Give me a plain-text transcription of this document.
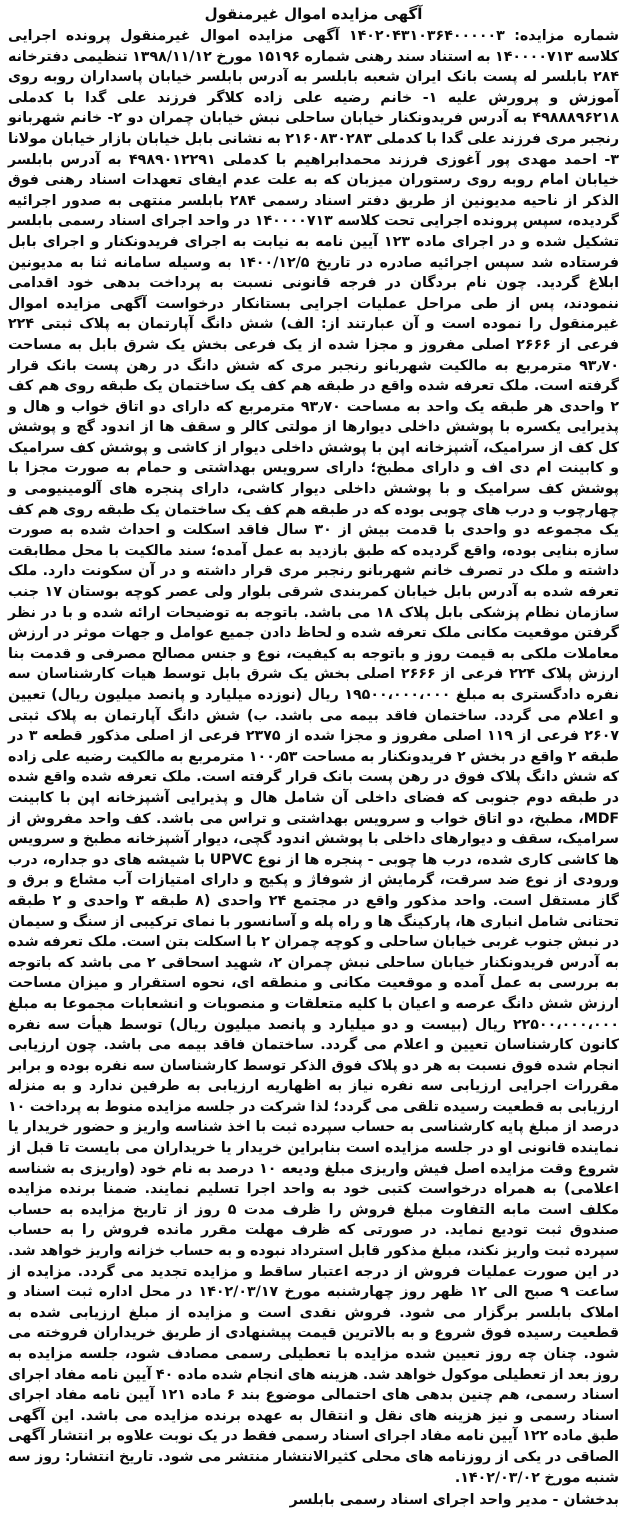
آگهی مزایده اموال غیرمنقول

شماره مزایده: ۱۴۰۲۰۴۳۱۰۳۶۴۰۰۰۰۰۳ آگهی مزایده اموال غیرمنقول پرونده اجرایی کلاسه ۱۴۰۰۰۰۷۱۳ به استناد سند رهنی شماره ۱۵۱۹۶ مورخ ۱۳۹۸/۱۱/۱۲ تنظیمی دفترخانه ۲۸۴ بابلسر له پست بانک ایران شعبه بابلسر به آدرس بابلسر خیابان پاسداران روبه روی آموزش و پرورش علیه ۱- خانم رضیه علی زاده کلاگر فرزند علی گدا با کدملی ۴۹۸۸۸۹۶۲۱۸ به آدرس فریدونکنار خیابان ساحلی نبش خیابان چمران دو ۲- خانم شهربانو رنجبر مری فرزند علی گدا با کدملی ۲۱۶۰۸۳۰۲۸۳ به نشانی بابل خیابان بازار خیابان مولانا ۳- احمد مهدی پور آغوزی فرزند محمدابراهیم با کدملی ۴۹۸۹۰۱۲۲۹۱ به آدرس بابلسر خیابان امام روبه روی رستوران میزبان که به علت عدم ایفای تعهدات اسناد رهنی فوق الذکر از ناحیه مدیونین از طریق دفتر اسناد رسمی ۲۸۴ بابلسر منتهی به صدور اجرائیه گردیده، سپس پرونده اجرایی تحت کلاسه ۱۴۰۰۰۰۷۱۳ در واحد اجرای اسناد رسمی بابلسر تشکیل شده و در اجرای ماده ۱۲۳ آیین نامه به نیابت به اجرای فریدونکنار و اجرای بابل فرستاده شد سپس اجرائیه صادره در تاریخ ۱۴۰۰/۱۲/۵ به وسیله سامانه ثنا به مدیونین ابلاغ گردید. چون نام بردگان در فرجه قانونی نسبت به پرداخت بدهی خود اقدامی ننمودند، پس از طی مراحل عملیات اجرایی بستانکار درخواست آگهی مزایده اموال غیرمنقول را نموده است و آن عبارتند از: الف) شش دانگ آپارتمان به پلاک ثبتی ۲۲۴ فرعی از ۲۶۶۶ اصلی مفروز و مجزا شده از یک فرعی بخش یک شرق بابل به مساحت ۹۳٫۷۰ مترمربع به مالکیت شهربانو رنجبر مری که شش دانگ در رهن پست بانک قرار گرفته است. ملک تعرفه شده واقع در طبقه هم کف یک ساختمان یک طبقه روی هم کف ۲ واحدی هر طبقه یک واحد به مساحت ۹۳٫۷۰ مترمربع که دارای دو اتاق خواب و هال و پذیرایی یکسره با پوشش داخلی دیوارها از مولتی کالر و سقف ها از اندود گچ و پوشش کل کف از سرامیک، آشپزخانه اپن با پوشش داخلی دیوار از کاشی و پوشش کف سرامیک و کابینت ام دی اف و دارای مطبخ؛ دارای سرویس بهداشتی و حمام به صورت مجزا با پوشش کف سرامیک و با پوشش داخلی دیوار کاشی، دارای پنجره های آلومینیومی و چهارچوب و درب های چوبی بوده که در طبقه هم کف یک ساختمان یک طبقه روی هم کف یک مجموعه دو واحدی با قدمت بیش از ۳۰ سال فاقد اسکلت و احداث شده به صورت سازه بنایی بوده، واقع گردیده که طبق بازدید به عمل آمده؛ سند مالکیت با محل مطابقت داشته و ملک در تصرف خانم شهربانو رنجبر مری قرار داشته و در آن سکونت دارد. ملک تعرفه شده به آدرس بابل خیابان کمربندی شرقی بلوار ولی عصر کوچه بوستان ۱۷ جنب سازمان نظام پزشکی بابل پلاک ۱۸ می باشد. باتوجه به توضیحات ارائه شده و با در نظر گرفتن موقعیت مکانی ملک تعرفه شده و لحاظ دادن جمیع عوامل و جهات موثر در ارزش معاملات ملکی به قیمت روز و باتوجه به کیفیت، نوع و جنس مصالح مصرفی و قدمت بنا ارزش پلاک ۲۲۴ فرعی از ۲۶۶۶ اصلی بخش یک شرق بابل توسط هیات کارشناسان سه نفره دادگستری به مبلغ ۱۹۵۰۰،۰۰۰،۰۰۰ ریال (نوزده میلیارد و پانصد میلیون ریال) تعیین و اعلام می گردد. ساختمان فاقد بیمه می باشد. ب) شش دانگ آپارتمان به پلاک ثبتی ۲۶۰۷ فرعی از ۱۱۹ اصلی مفروز و مجزا شده از ۲۳۷۵ فرعی از اصلی مذکور قطعه ۳ در طبقه ۲ واقع در بخش ۲ فریدونکنار به مساحت ۱۰۰٫۵۳ مترمربع به مالکیت رضیه علی زاده که شش دانگ پلاک فوق در رهن پست بانک قرار گرفته است. ملک تعرفه شده واقع شده در طبقه دوم جنوبی که فضای داخلی آن شامل هال و پذیرایی آشپزخانه اپن با کابینت MDF، مطبخ، دو اتاق خواب و سرویس بهداشتی و تراس می باشد. کف واحد مفروش از سرامیک، سقف و دیوارهای داخلی با پوشش اندود گچی، دیوار آشپزخانه مطبخ و سرویس ها کاشی کاری شده، درب ها چوبی - پنجره ها از نوع UPVC با شیشه های دو جداره، درب ورودی از نوع ضد سرقت، گرمایش از شوفاژ و پکیج و دارای امتیازات آب مشاع و برق و گاز مستقل است. واحد مذکور واقع در مجتمع ۲۴ واحدی (۸ طبقه ۳ واحدی و ۲ طبقه تحتانی شامل انباری ها، پارکینگ ها و راه پله و آسانسور با نمای ترکیبی از سنگ و سیمان در نبش جنوب غربی خیابان ساحلی و کوچه چمران ۲ با اسکلت بتن است. ملک تعرفه شده به آدرس فریدونکنار خیابان ساحلی نبش چمران ۲، شهید اسحاقی ۲ می باشد که باتوجه به بررسی به عمل آمده و موقعیت مکانی و منطقه ای، نحوه استقرار و میزان مساحت ارزش شش دانگ عرصه و اعیان با کلیه متعلقات و منصوبات و انشعابات مجموعا به مبلغ ۲۲۵۰۰،۰۰۰،۰۰۰ ریال (بیست و دو میلیارد و پانصد میلیون ریال) توسط هیأت سه نفره کانون کارشناسان تعیین و اعلام می گردد. ساختمان فاقد بیمه می باشد. چون ارزیابی انجام شده فوق نسبت به هر دو پلاک فوق الذکر توسط کارشناسان سه نفره بوده و برابر مقررات اجرایی ارزیابی سه نفره نیاز به اظهاریه ارزیابی به طرفین ندارد و به منزله ارزیابی به قطعیت رسیده تلقی می گردد؛ لذا شرکت در جلسه مزایده منوط به پرداخت ۱۰ درصد از مبلغ پایه کارشناسی به حساب سپرده ثبت با اخذ شناسه واریز و حضور خریدار یا نماینده قانونی او در جلسه مزایده است بنابراین خریدار یا خریداران می بایست تا قبل از شروع وقت مزایده اصل فیش واریزی مبلغ ودیعه ۱۰ درصد به نام خود (واریزی به شناسه اعلامی) به همراه درخواست کتبی خود به واحد اجرا تسلیم نمایند. ضمنا برنده مزایده مکلف است مابه التفاوت مبلغ فروش را ظرف مدت ۵ روز از تاریخ مزایده به حساب صندوق ثبت تودیع نماید. در صورتی که ظرف مهلت مقرر مانده فروش را به حساب سپرده ثبت واریز نکند، مبلغ مذکور قابل استرداد نبوده و به حساب خزانه واریز خواهد شد. در این صورت عملیات فروش از درجه اعتبار ساقط و مزایده تجدید می گردد. مزایده از ساعت ۹ صبح الی ۱۲ ظهر روز چهارشنبه مورخ ۱۴۰۲/۰۳/۱۷ در محل اداره ثبت اسناد و املاک بابلسر برگزار می شود. فروش نقدی است و مزایده از مبلغ ارزیابی شده به قطعیت رسیده فوق شروع و به بالاترین قیمت پیشنهادی از طریق خریداران فروخته می شود. چنان چه روز تعیین شده مزایده با تعطیلی رسمی مصادف شود، جلسه مزایده به روز بعد از تعطیلی موکول خواهد شد. هزینه های انجام شده ماده ۴۰ آیین نامه مفاد اجرای اسناد رسمی، هم چنین بدهی های احتمالی موضوع بند ۶ ماده ۱۲۱ آیین نامه مفاد اجرای اسناد رسمی و نیز هزینه های نقل و انتقال به عهده برنده مزایده می باشد. این آگهی طبق ماده ۱۲۲ آیین نامه مفاد اجرای اسناد رسمی فقط در یک نوبت علاوه بر انتشار آگهی الصاقی در یکی از روزنامه های محلی کثیرالانتشار منتشر می شود. تاریخ انتشار: روز سه شنبه مورخ ۱۴۰۲/۰۳/۰۲.

بدخشان - مدیر واحد اجرای اسناد رسمی بابلسر
